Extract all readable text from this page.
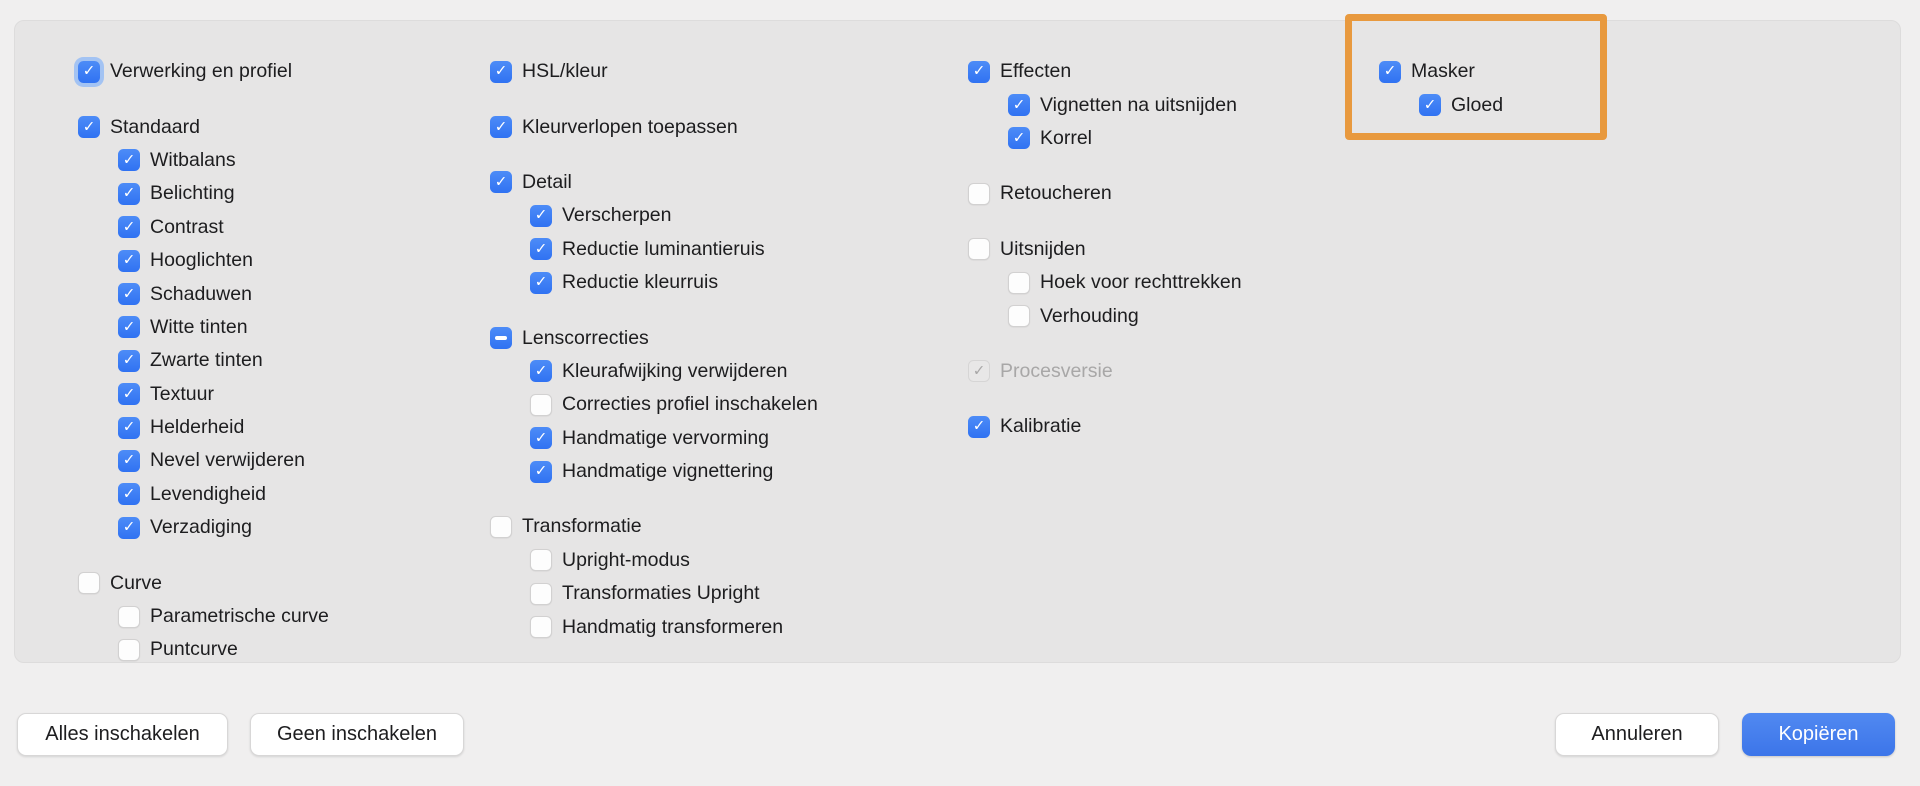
✓ Verwerking en profiel
✓ Standaard
✓ Witbalans
✓ Belichting
✓ Contrast
✓ Hooglichten
✓ Schaduwen
✓ Witte tinten
✓ Zwarte tinten
✓ Textuur
✓ Helderheid
✓ Nevel verwijderen
✓ Levendigheid
✓ Verzadiging
Curve
Parametrische curve
Puntcurve
✓ HSL/kleur
✓ Kleurverlopen toepassen
✓ Detail
✓ Verscherpen
✓ Reductie luminantieruis
✓ Reductie kleurruis
Lenscorrecties
✓ Kleurafwijking verwijderen
Correcties profiel inschakelen
✓ Handmatige vervorming
✓ Handmatige vignettering
Transformatie
Upright-modus
Transformaties Upright
Handmatig transformeren
✓ Effecten
✓ Vignetten na uitsnijden
✓ Korrel
Retoucheren
Uitsnijden
Hoek voor rechttrekken
Verhouding
✓ Procesversie
✓ Kalibratie
✓ Masker
✓ Gloed
Alles inschakelen	Geen inschakelen	Annuleren	Kopiëren
